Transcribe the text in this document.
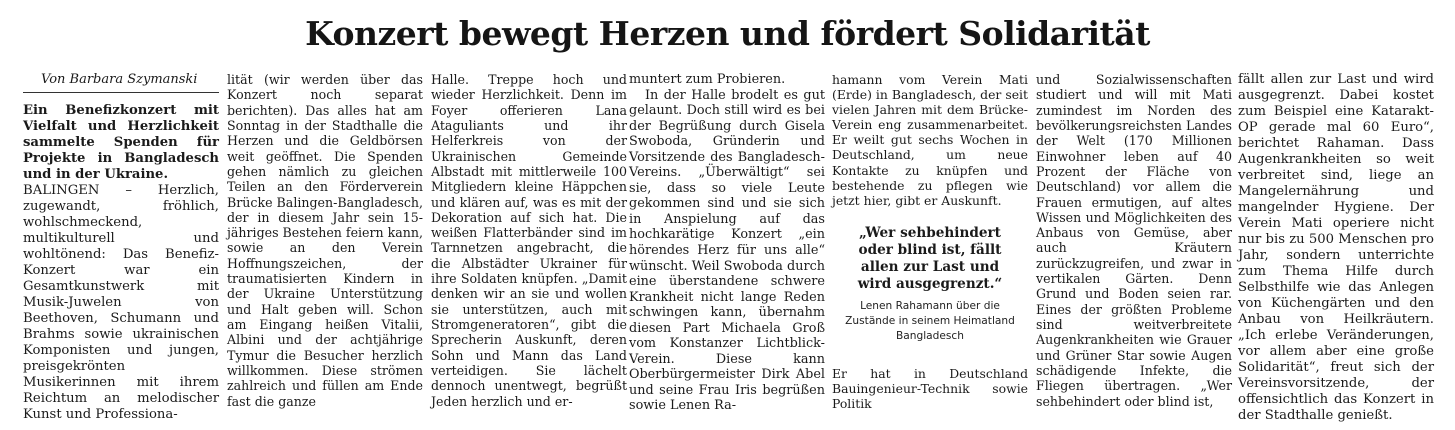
Konzert bewegt Herzen und fördert Solidarität
Von Barbara Szymanski

Ein Benefizkonzert mit Vielfalt und Herzlichkeit sammelte Spenden für Projekte in Bangladesch und in der Ukraine.

BALINGEN – Herzlich, zugewandt, fröhlich, wohlschmeckend, multikulturell und wohltönend: Das Benefiz-Konzert war ein Gesamtkunstwerk mit Musik-Juwelen von Beethoven, Schumann und Brahms sowie ukrainischen Komponisten und jungen, preisgekrönten Musikerinnen mit ihrem Reichtum an melodischer Kunst und Professiona-

lität (wir werden über das Konzert noch separat berichten). Das alles hat am Sonntag in der Stadthalle die Herzen und die Geldbörsen weit geöffnet. Die Spenden gehen nämlich zu gleichen Teilen an den Förderverein Brücke Balingen-Bangladesch, der in diesem Jahr sein 15-jähriges Bestehen feiern kann, sowie an den Verein Hoffnungszeichen, der traumatisierten Kindern in der Ukraine Unterstützung und Halt geben will. Schon am Eingang heißen Vitalii, Albini und der achtjährige Tymur die Besucher herzlich willkommen. Diese strömen zahlreich und füllen am Ende fast die ganze

Halle. Treppe hoch und wieder Herzlichkeit. Denn im Foyer offerieren Lana Ataguliants und ihr Helferkreis von der Ukrainischen Gemeinde Albstadt mit mittlerweile 100 Mitgliedern kleine Häppchen und klären auf, was es mit der Dekoration auf sich hat. Die weißen Flatterbänder sind im Tarnnetzen angebracht, die die Albstädter Ukrainer für ihre Soldaten knüpfen. „Damit denken wir an sie und wollen sie unterstützen, auch mit Stromgeneratoren“, gibt die Sprecherin Auskunft, deren Sohn und Mann das Land verteidigen. Sie lächelt dennoch unentwegt, begrüßt Jeden herzlich und er-

muntert zum Probieren.

In der Halle brodelt es gut gelaunt. Doch still wird es bei der Begrüßung durch Gisela Swoboda, Gründerin und Vorsitzende des Bangladesch-Vereins. „Überwältigt“ sei sie, dass so viele Leute gekommen sind und sie sich in Anspielung auf das hochkarätige Konzert „ein hörendes Herz für uns alle“ wünscht. Weil Swoboda durch eine überstandene schwere Krankheit nicht lange Reden schwingen kann, übernahm diesen Part Michaela Groß vom Konstanzer Lichtblick-Verein. Diese kann Oberbürgermeister Dirk Abel und seine Frau Iris begrüßen sowie Lenen Ra-

hamann vom Verein Mati (Erde) in Bangladesch, der seit vielen Jahren mit dem Brücke-Verein eng zusammenarbeitet. Er weilt gut sechs Wochen in Deutschland, um neue Kontakte zu knüpfen und bestehende zu pflegen wie jetzt hier, gibt er Auskunft.

„Wer sehbehindert oder blind ist, fällt allen zur Last und wird ausgegrenzt.“
Lenen Rahamann über die Zustände in seinem Heimatland Bangladesch

Er hat in Deutschland Bauingenieur-Technik sowie Politik

und Sozialwissenschaften studiert und will mit Mati zumindest im Norden des bevölkerungsreichsten Landes der Welt (170 Millionen Einwohner leben auf 40 Prozent der Fläche von Deutschland) vor allem die Frauen ermutigen, auf altes Wissen und Möglichkeiten des Anbaus von Gemüse, aber auch Kräutern zurückzugreifen, und zwar in vertikalen Gärten. Denn Grund und Boden seien rar. Eines der größten Probleme sind weitverbreitete Augenkrankheiten wie Grauer und Grüner Star sowie Augen schädigende Infekte, die Fliegen übertragen. „Wer sehbehindert oder blind ist,

fällt allen zur Last und wird ausgegrenzt. Dabei kostet zum Beispiel eine Katarakt-OP gerade mal 60 Euro“, berichtet Rahaman. Dass Augenkrankheiten so weit verbreitet sind, liege an Mangelernährung und mangelnder Hygiene. Der Verein Mati operiere nicht nur bis zu 500 Menschen pro Jahr, sondern unterrichte zum Thema Hilfe durch Selbsthilfe wie das Anlegen von Küchengärten und den Anbau von Heilkräutern. „Ich erlebe Veränderungen, vor allem aber eine große Solidarität“, freut sich der Vereinsvorsitzende, der offensichtlich das Konzert in der Stadthalle genießt.
